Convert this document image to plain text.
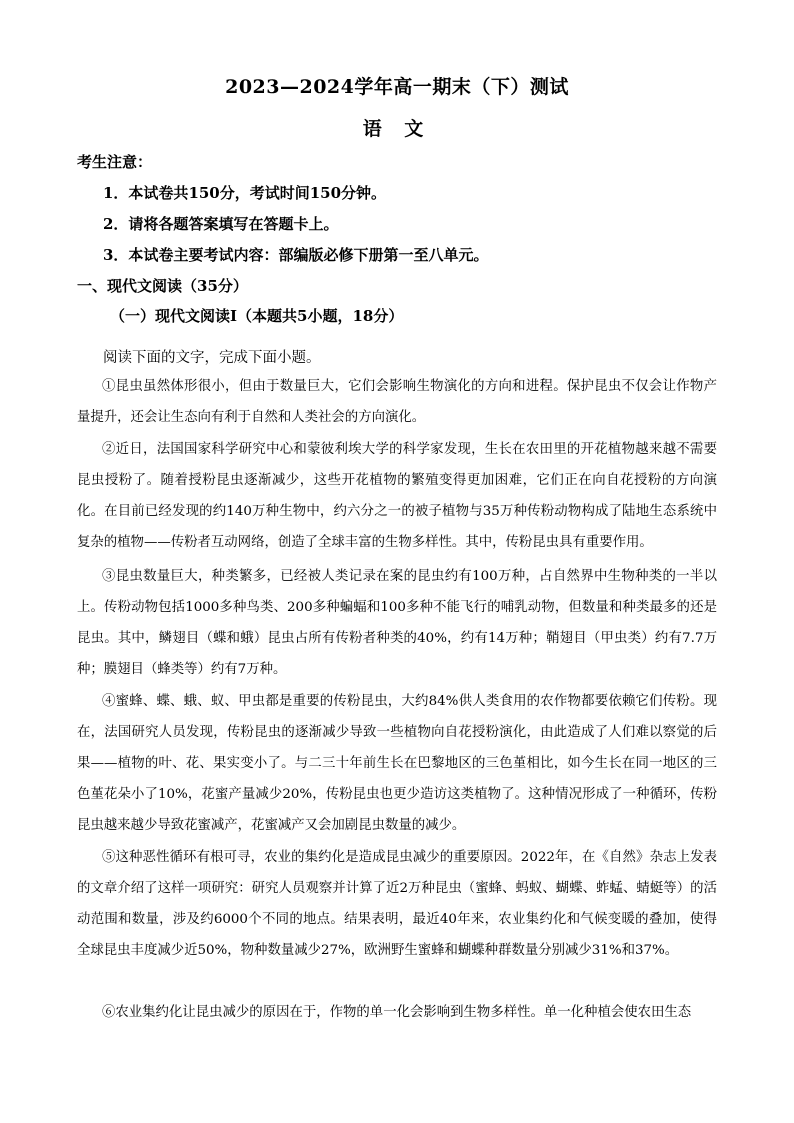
2023—2024学年高一期末（下）测试
语 文
考生注意：
1．本试卷共150分，考试时间150分钟。
2．请将各题答案填写在答题卡上。
3．本试卷主要考试内容：部编版必修下册第一至八单元。
一、现代文阅读（35分）
（一）现代文阅读Ⅰ（本题共5小题，18分）
阅读下面的文字，完成下面小题。
①昆虫虽然体形很小，但由于数量巨大，它们会影响生物演化的方向和进程。保护昆虫不仅会让作物产量提升，还会让生态向有利于自然和人类社会的方向演化。
②近日，法国国家科学研究中心和蒙彼利埃大学的科学家发现，生长在农田里的开花植物越来越不需要昆虫授粉了。随着授粉昆虫逐渐减少，这些开花植物的繁殖变得更加困难，它们正在向自花授粉的方向演化。在目前已经发现的约140万种生物中，约六分之一的被子植物与35万种传粉动物构成了陆地生态系统中复杂的植物——传粉者互动网络，创造了全球丰富的生物多样性。其中，传粉昆虫具有重要作用。
③昆虫数量巨大，种类繁多，已经被人类记录在案的昆虫约有100万种，占自然界中生物种类的一半以上。传粉动物包括1000多种鸟类、200多种蝙蝠和100多种不能飞行的哺乳动物，但数量和种类最多的还是昆虫。其中，鳞翅目（蝶和蛾）昆虫占所有传粉者种类的40%，约有14万种；鞘翅目（甲虫类）约有7.7万种；膜翅目（蜂类等）约有7万种。
④蜜蜂、蝶、蛾、蚁、甲虫都是重要的传粉昆虫，大约84%供人类食用的农作物都要依赖它们传粉。现在，法国研究人员发现，传粉昆虫的逐渐减少导致一些植物向自花授粉演化，由此造成了人们难以察觉的后果——植物的叶、花、果实变小了。与二三十年前生长在巴黎地区的三色堇相比，如今生长在同一地区的三色堇花朵小了10%，花蜜产量减少20%，传粉昆虫也更少造访这类植物了。这种情况形成了一种循环，传粉昆虫越来越少导致花蜜减产，花蜜减产又会加剧昆虫数量的减少。
⑤这种恶性循环有根可寻，农业的集约化是造成昆虫减少的重要原因。2022年，在《自然》杂志上发表的文章介绍了这样一项研究：研究人员观察并计算了近2万种昆虫（蜜蜂、蚂蚁、蝴蝶、蚱蜢、蜻蜓等）的活动范围和数量，涉及约6000个不同的地点。结果表明，最近40年来，农业集约化和气候变暖的叠加，使得全球昆虫丰度减少近50%，物种数量减少27%，欧洲野生蜜蜂和蝴蝶种群数量分别减少31%和37%。
⑥农业集约化让昆虫减少的原因在于，作物的单一化会影响到生物多样性。单一化种植会使农田生态
